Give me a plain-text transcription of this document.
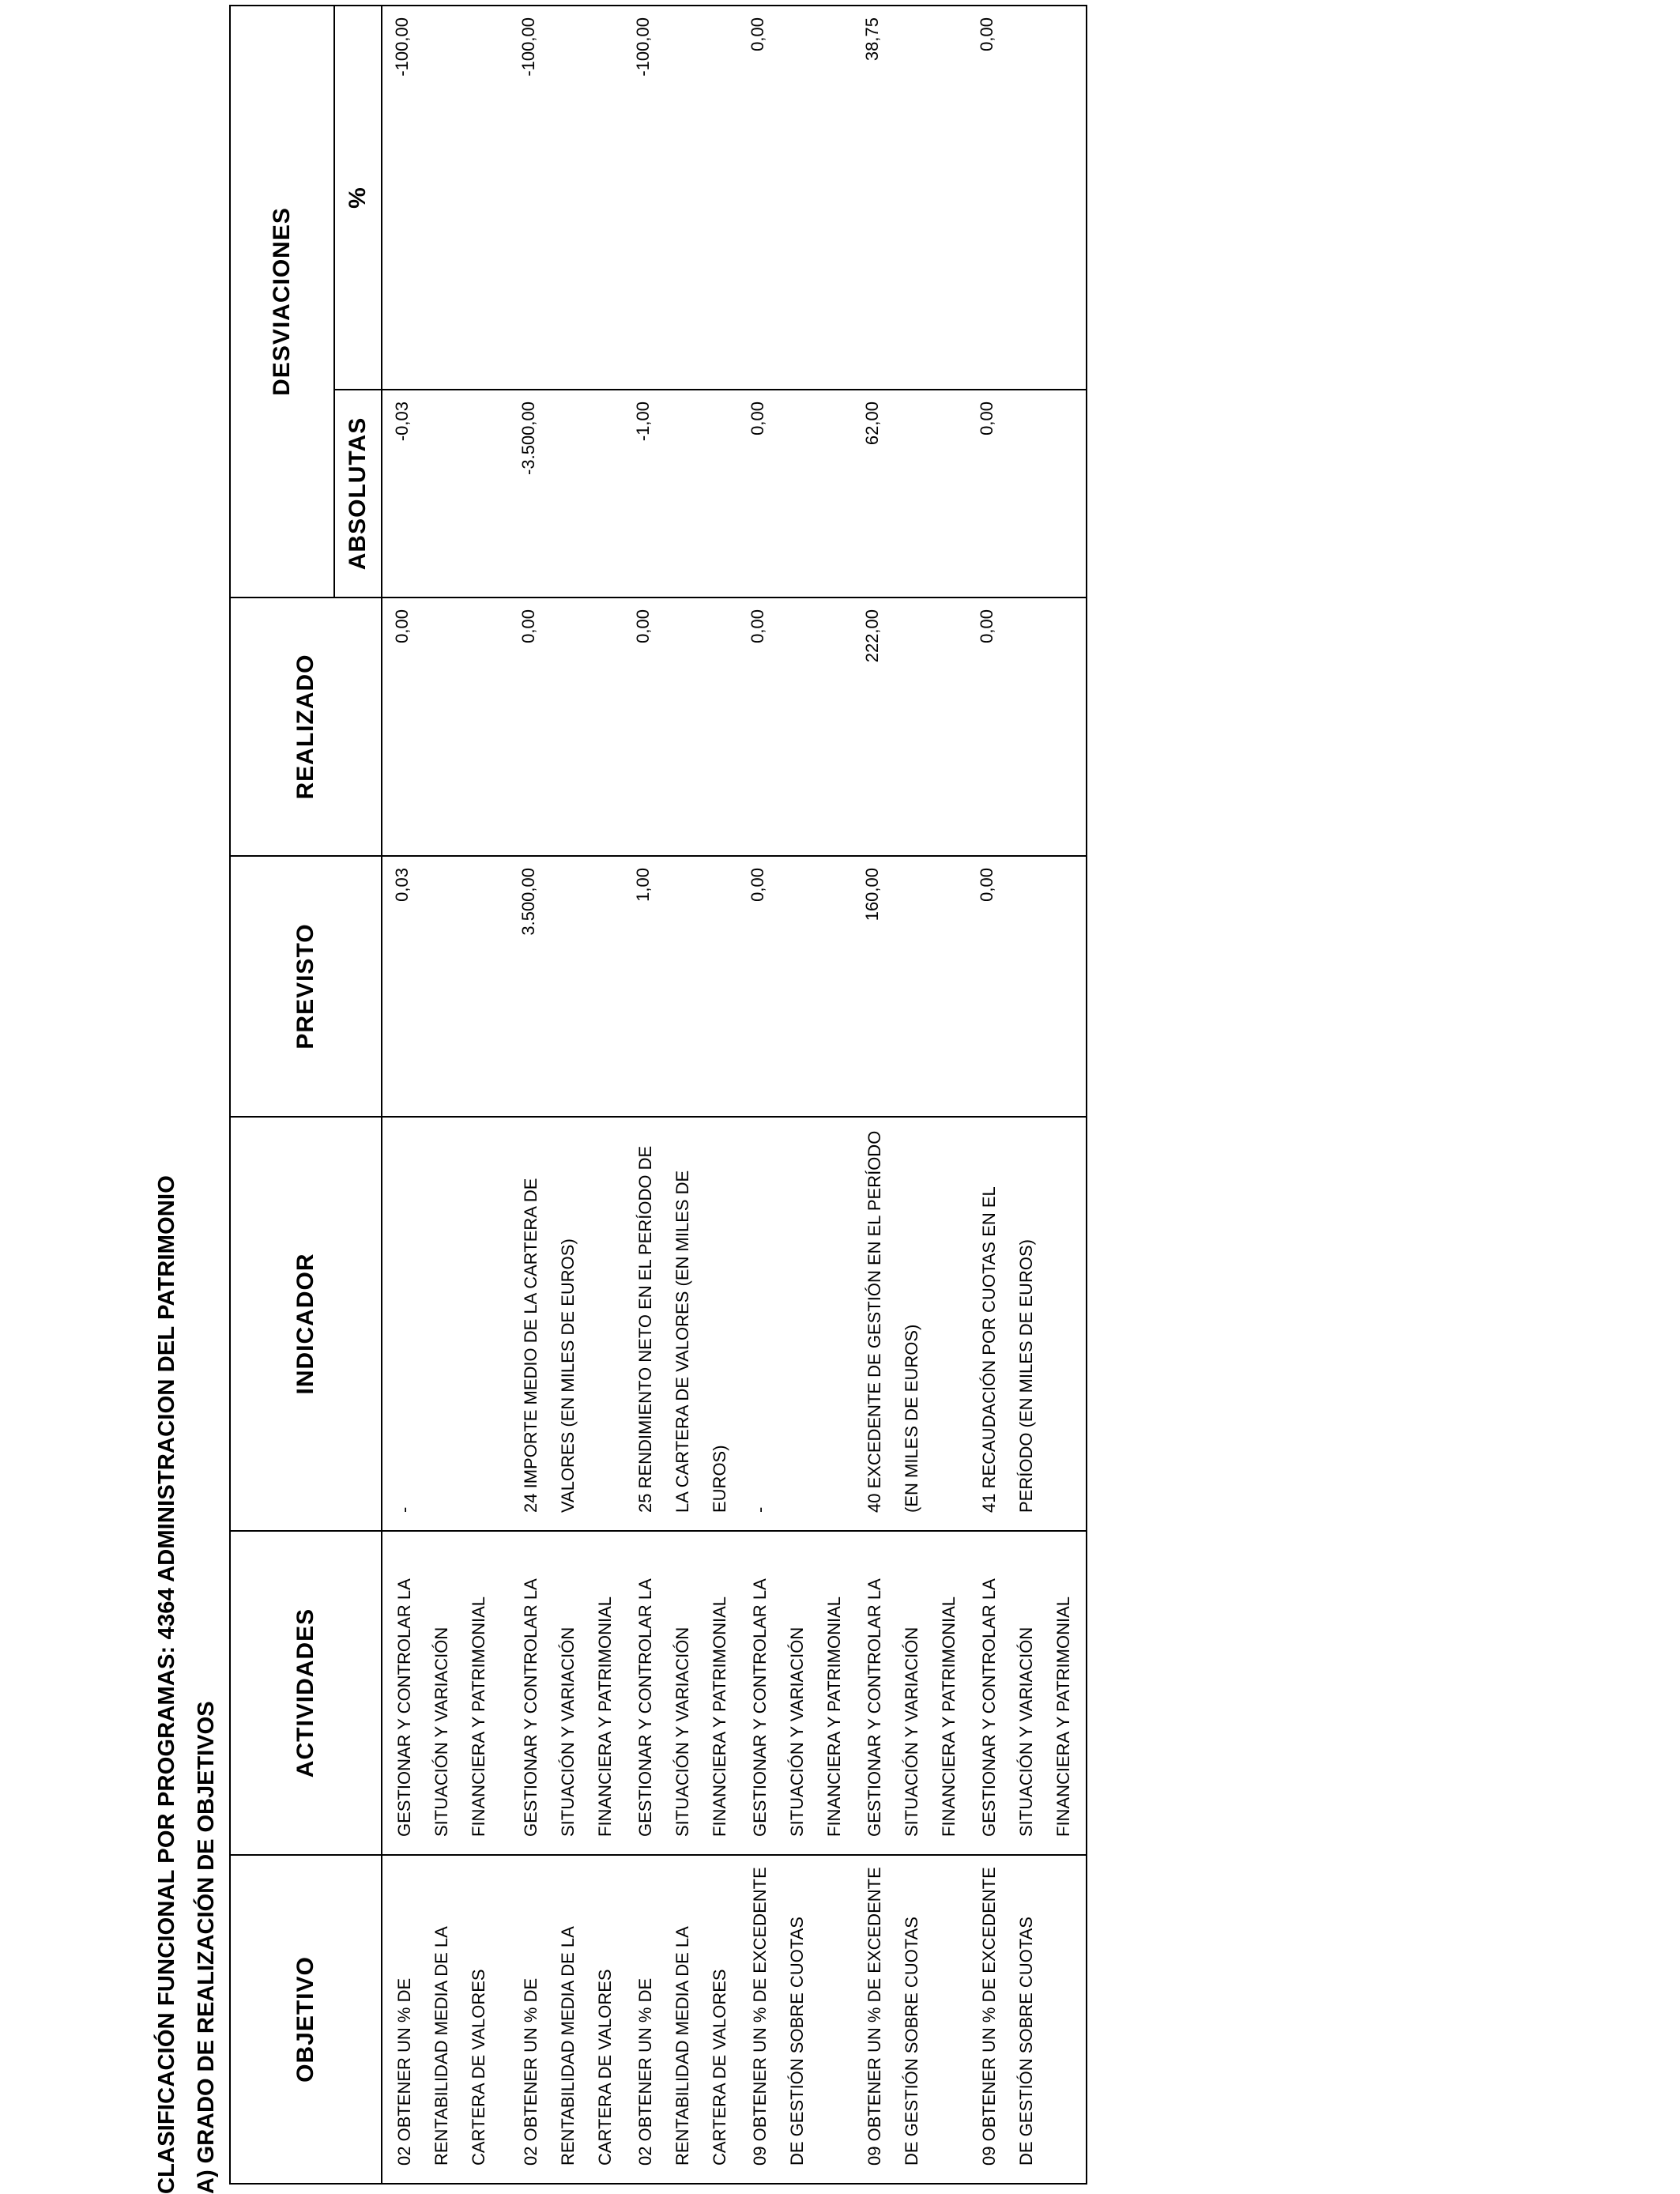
CLASIFICACIÓN FUNCIONAL POR PROGRAMAS: 4364 ADMINISTRACION DEL PATRIMONIO A) GRADO DE REALIZACIÓN DE OBJETIVOS	OBJETIVO	ACTIVIDADES	INDICADOR	PREVISTO	REALIZADO	DESVIACIONES	
					ABSOLUTAS	%

02 OBTENER UN % DE RENTABILIDAD MEDIA DE LA CARTERA DE VALORES	GESTIONAR Y CONTROLAR LA SITUACIÓN Y VARIACIÓN FINANCIERA Y PATRIMONIAL	-	0,03	0,00	-0,03	-100,00

02 OBTENER UN % DE RENTABILIDAD MEDIA DE LA CARTERA DE VALORES	GESTIONAR Y CONTROLAR LA SITUACIÓN Y VARIACIÓN FINANCIERA Y PATRIMONIAL	24 IMPORTE MEDIO DE LA CARTERA DE VALORES (EN MILES DE EUROS)	3.500,00	0,00	-3.500,00	-100,00

02 OBTENER UN % DE RENTABILIDAD MEDIA DE LA CARTERA DE VALORES	GESTIONAR Y CONTROLAR LA SITUACIÓN Y VARIACIÓN FINANCIERA Y PATRIMONIAL	25 RENDIMIENTO NETO EN EL PERÍODO DE LA CARTERA DE VALORES (EN MILES DE EUROS)	1,00	0,00	-1,00	-100,00

09 OBTENER UN % DE EXCEDENTE DE GESTIÓN SOBRE CUOTAS	GESTIONAR Y CONTROLAR LA SITUACIÓN Y VARIACIÓN FINANCIERA Y PATRIMONIAL	-	0,00	0,00	0,00	0,00

09 OBTENER UN % DE EXCEDENTE DE GESTIÓN SOBRE CUOTAS	GESTIONAR Y CONTROLAR LA SITUACIÓN Y VARIACIÓN FINANCIERA Y PATRIMONIAL	40 EXCEDENTE DE GESTIÓN EN EL PERÍODO (EN MILES DE EUROS)	160,00	222,00	62,00	38,75

09 OBTENER UN % DE EXCEDENTE DE GESTIÓN SOBRE CUOTAS	GESTIONAR Y CONTROLAR LA SITUACIÓN Y VARIACIÓN FINANCIERA Y PATRIMONIAL	41 RECAUDACIÓN POR CUOTAS EN EL PERÍODO (EN MILES DE EUROS)	0,00	0,00	0,00	0,00
